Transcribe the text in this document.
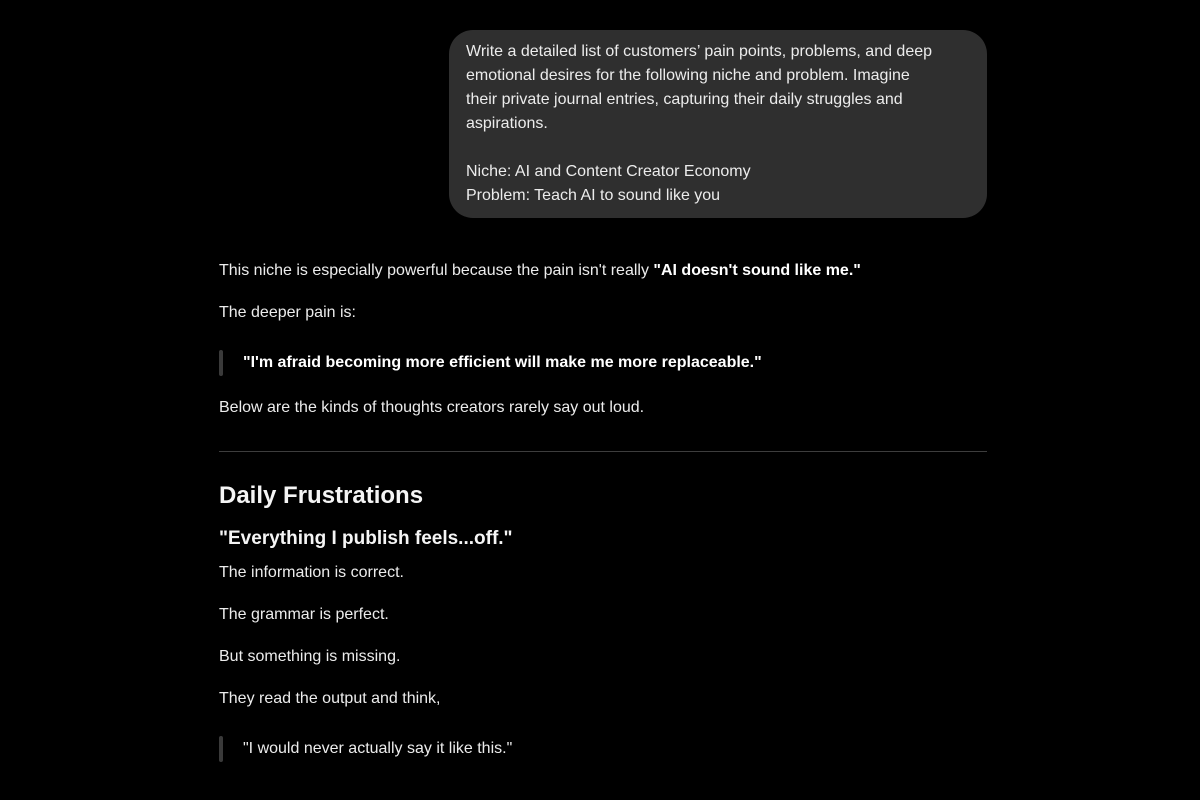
Write a detailed list of customers’ pain points, problems, and deep

emotional desires for the following niche and problem. Imagine

their private journal entries, capturing their daily struggles and

aspirations.

Niche: AI and Content Creator Economy

Problem: Teach AI to sound like you

This niche is especially powerful because the pain isn't really "AI doesn't sound like me."

The deeper pain is:

"I'm afraid becoming more efficient will make me more replaceable."

Below are the kinds of thoughts creators rarely say out loud.

Daily Frustrations
"Everything I publish feels...off."

The information is correct.

The grammar is perfect.

But something is missing.

They read the output and think,

"I would never actually say it like this."
